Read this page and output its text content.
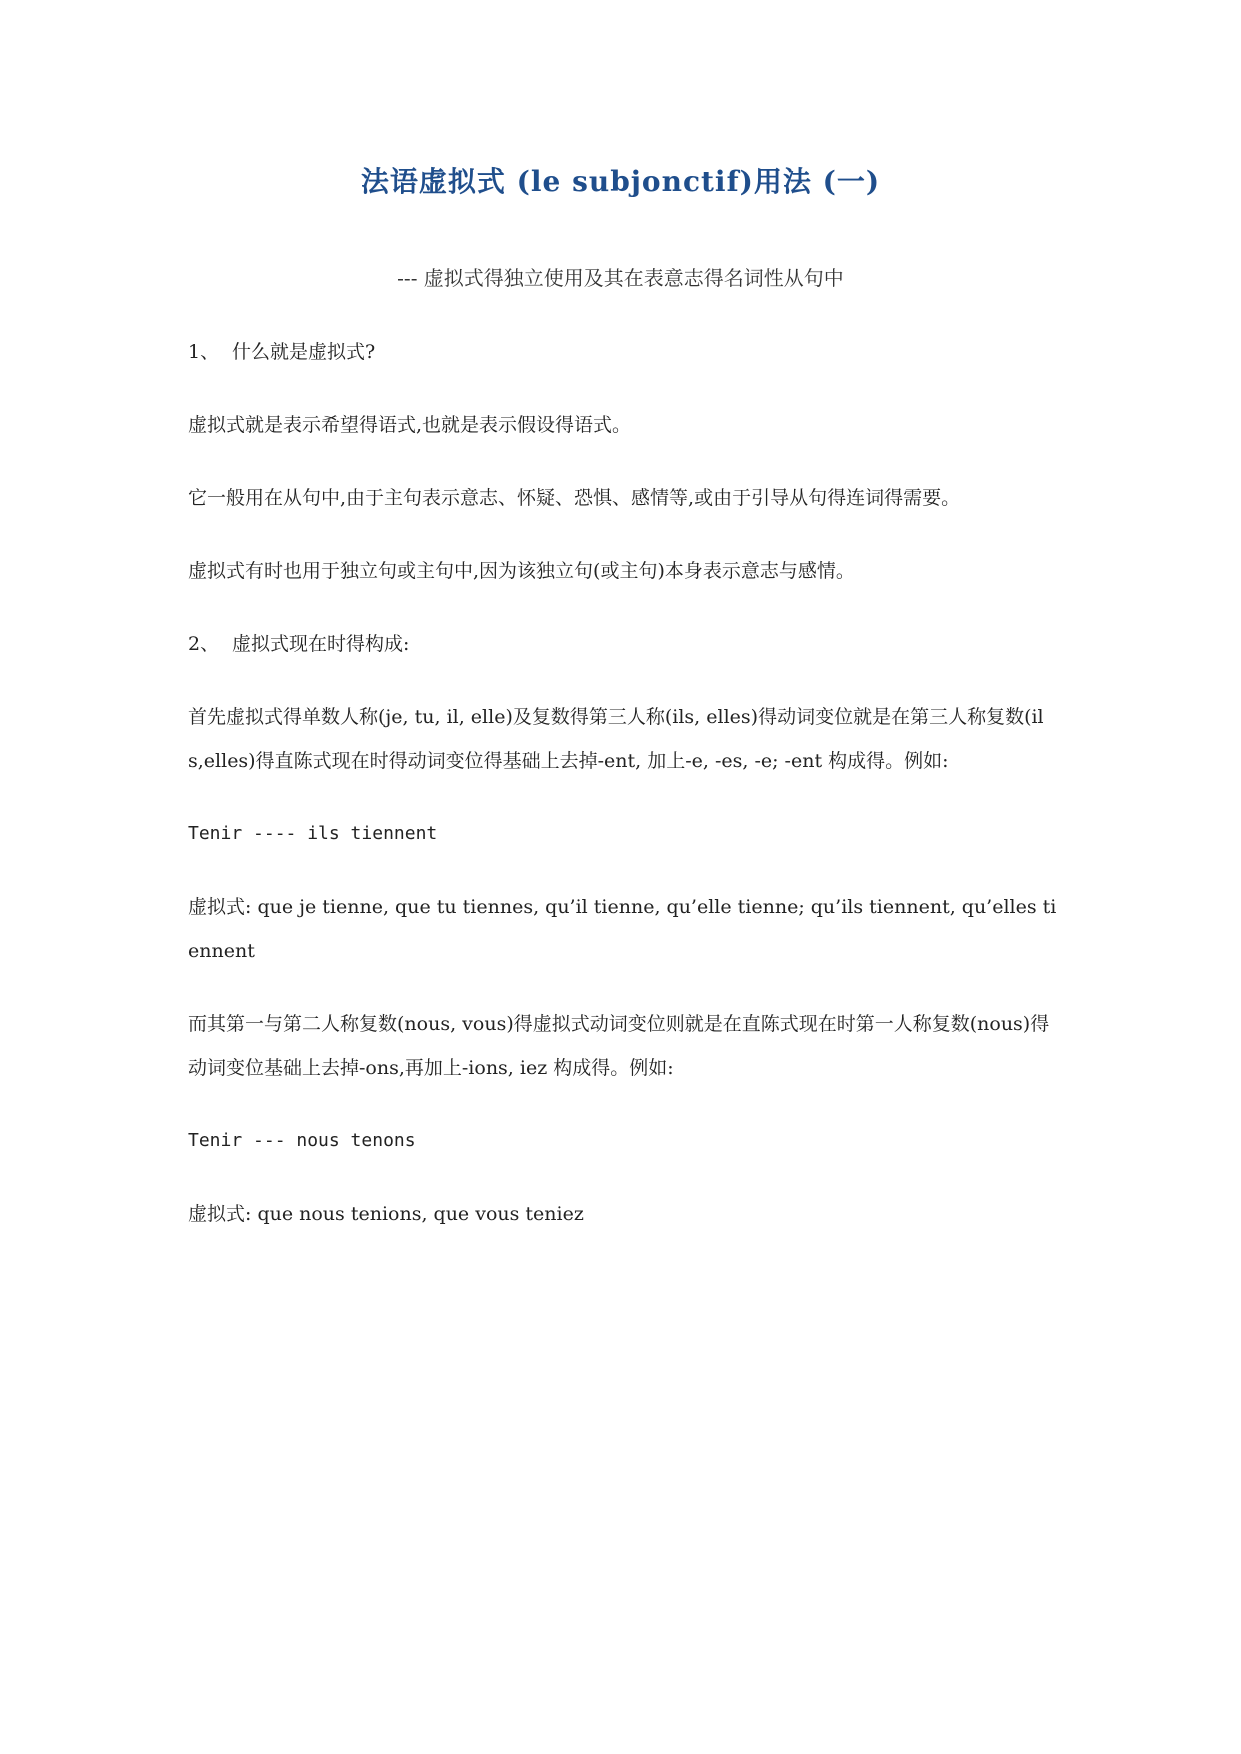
法语虚拟式 (le subjonctif)用法 (一)
--- 虚拟式得独立使用及其在表意志得名词性从句中

1、 什么就是虚拟式?

虚拟式就是表示希望得语式,也就是表示假设得语式。

它一般用在从句中,由于主句表示意志、怀疑、恐惧、感情等,或由于引导从句得连词得需要。

虚拟式有时也用于独立句或主句中,因为该独立句(或主句)本身表示意志与感情。

2、 虚拟式现在时得构成:

首先虚拟式得单数人称(je, tu, il, elle)及复数得第三人称(ils, elles)得动词变位就是在第三人称复数(ils,elles)得直陈式现在时得动词变位得基础上去掉-ent, 加上-e, -es, -e; -ent 构成得。例如:

Tenir ---- ils tiennent

虚拟式: que je tienne, que tu tiennes, qu’il tienne, qu’elle tienne; qu’ils tiennent, qu’elles tiennent

而其第一与第二人称复数(nous, vous)得虚拟式动词变位则就是在直陈式现在时第一人称复数(nous)得动词变位基础上去掉-ons,再加上-ions, iez 构成得。例如:

Tenir --- nous tenons

虚拟式: que nous tenions, que vous teniez
